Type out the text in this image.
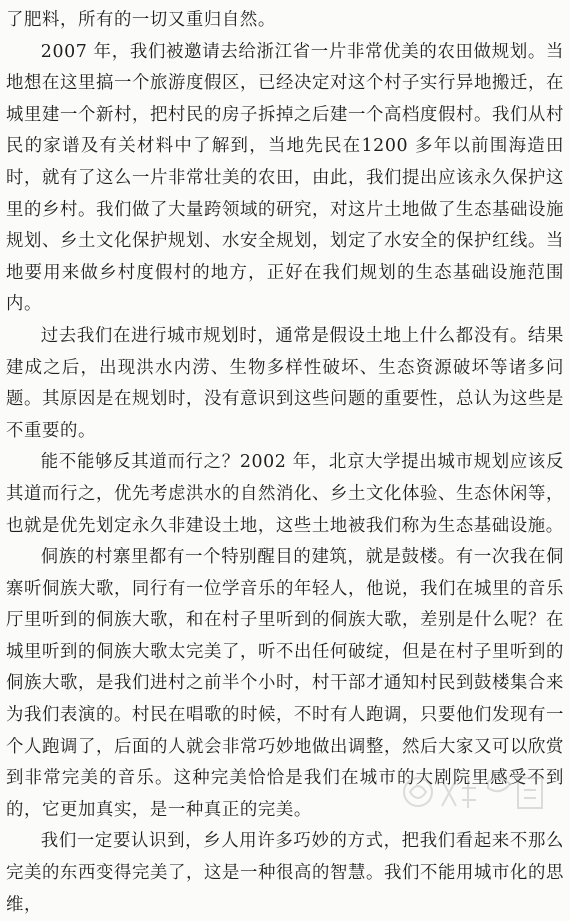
了肥料，所有的一切又重归自然。

2007 年，我们被邀请去给浙江省一片非常优美的农田做规划。当地想在这里搞一个旅游度假区，已经决定对这个村子实行异地搬迁，在城里建一个新村，把村民的房子拆掉之后建一个高档度假村。我们从村民的家谱及有关材料中了解到，当地先民在1200 多年以前围海造田时，就有了这么一片非常壮美的农田，由此，我们提出应该永久保护这里的乡村。我们做了大量跨领域的研究，对这片土地做了生态基础设施规划、乡土文化保护规划、水安全规划，划定了水安全的保护红线。当地要用来做乡村度假村的地方，正好在我们规划的生态基础设施范围内。

过去我们在进行城市规划时，通常是假设土地上什么都没有。结果建成之后，出现洪水内涝、生物多样性破坏、生态资源破坏等诸多问题。其原因是在规划时，没有意识到这些问题的重要性，总认为这些是不重要的。

能不能够反其道而行之？2002 年，北京大学提出城市规划应该反其道而行之，优先考虑洪水的自然消化、乡土文化体验、生态休闲等，也就是优先划定永久非建设土地，这些土地被我们称为生态基础设施。

侗族的村寨里都有一个特别醒目的建筑，就是鼓楼。有一次我在侗寨听侗族大歌，同行有一位学音乐的年轻人，他说，我们在城里的音乐厅里听到的侗族大歌，和在村子里听到的侗族大歌，差别是什么呢？在城里听到的侗族大歌太完美了，听不出任何破绽，但是在村子里听到的侗族大歌，是我们进村之前半个小时，村干部才通知村民到鼓楼集合来为我们表演的。村民在唱歌的时候，不时有人跑调，只要他们发现有一个人跑调了，后面的人就会非常巧妙地做出调整，然后大家又可以欣赏到非常完美的音乐。这种完美恰恰是我们在城市的大剧院里感受不到的，它更加真实，是一种真正的完美。

我们一定要认识到，乡人用许多巧妙的方式，把我们看起来不那么完美的东西变得完美了，这是一种很高的智慧。我们不能用城市化的思维，
